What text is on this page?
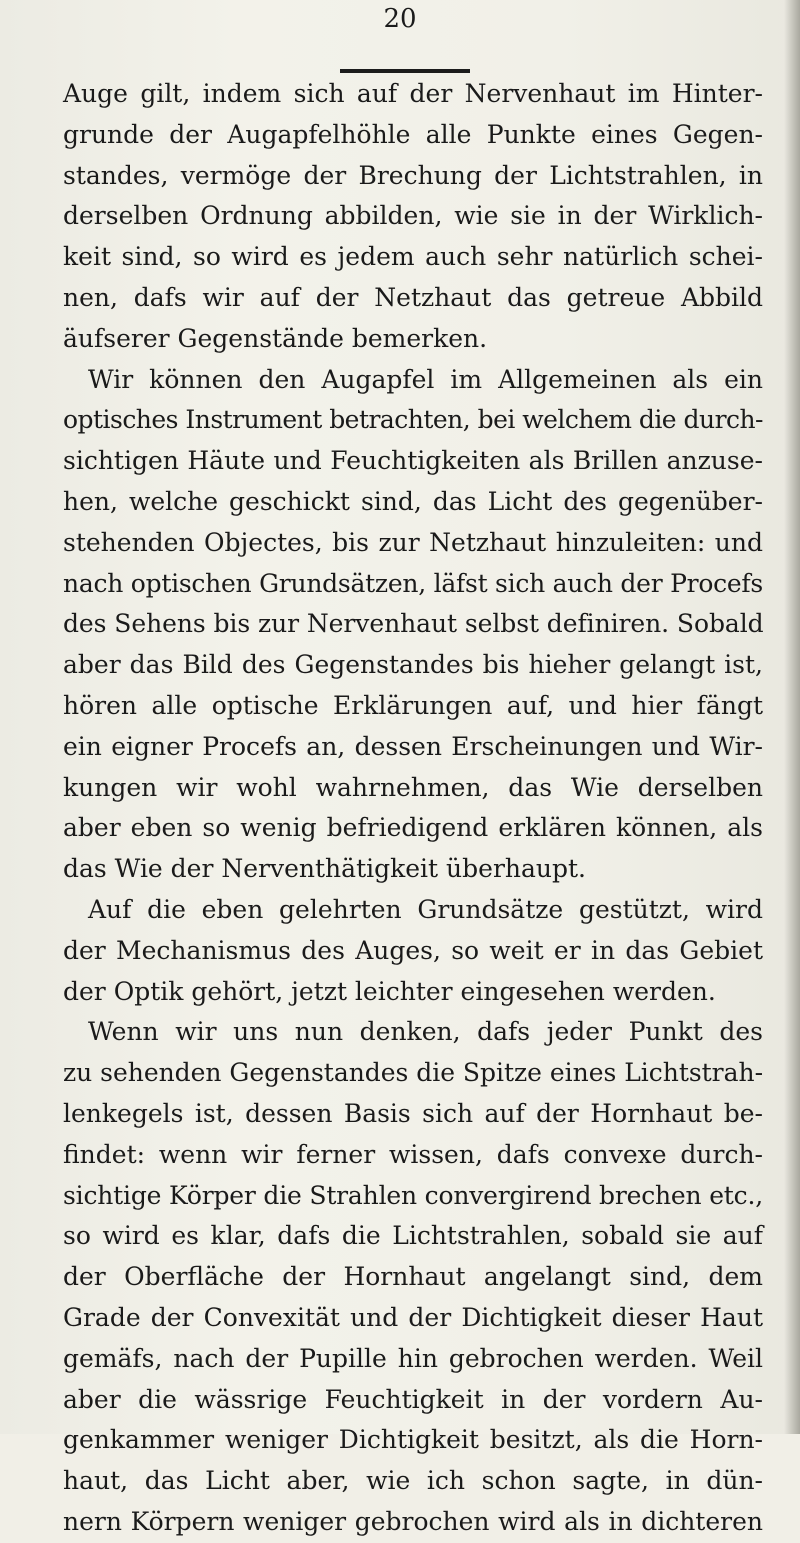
20
Auge gilt, indem sich auf der Nervenhaut im Hinter-
grunde der Augapfelhöhle alle Punkte eines Gegen-
standes, vermöge der Brechung der Lichtstrahlen, in
derselben Ordnung abbilden, wie sie in der Wirklich-
keit sind, so wird es jedem auch sehr natürlich schei-
nen, dafs wir auf der Netzhaut das getreue Abbild
äufserer Gegenstände bemerken.
Wir können den Augapfel im Allgemeinen als ein
optisches Instrument betrachten, bei welchem die durch-
sichtigen Häute und Feuchtigkeiten als Brillen anzuse-
hen, welche geschickt sind, das Licht des gegenüber-
stehenden Objectes, bis zur Netzhaut hinzuleiten: und
nach optischen Grundsätzen, läfst sich auch der Procefs
des Sehens bis zur Nervenhaut selbst definiren. Sobald
aber das Bild des Gegenstandes bis hieher gelangt ist,
hören alle optische Erklärungen auf, und hier fängt
ein eigner Procefs an, dessen Erscheinungen und Wir-
kungen wir wohl wahrnehmen, das Wie derselben
aber eben so wenig befriedigend erklären können, als
das Wie der Nerventhätigkeit überhaupt.
Auf die eben gelehrten Grundsätze gestützt, wird
der Mechanismus des Auges, so weit er in das Gebiet
der Optik gehört, jetzt leichter eingesehen werden.
Wenn wir uns nun denken, dafs jeder Punkt des
zu sehenden Gegenstandes die Spitze eines Lichtstrah-
lenkegels ist, dessen Basis sich auf der Hornhaut be-
findet: wenn wir ferner wissen, dafs convexe durch-
sichtige Körper die Strahlen convergirend brechen etc.,
so wird es klar, dafs die Lichtstrahlen, sobald sie auf
der Oberfläche der Hornhaut angelangt sind, dem
Grade der Convexität und der Dichtigkeit dieser Haut
gemäfs, nach der Pupille hin gebrochen werden. Weil
aber die wässrige Feuchtigkeit in der vordern Au-
genkammer weniger Dichtigkeit besitzt, als die Horn-
haut, das Licht aber, wie ich schon sagte, in dün-
nern Körpern weniger gebrochen wird als in dichteren
